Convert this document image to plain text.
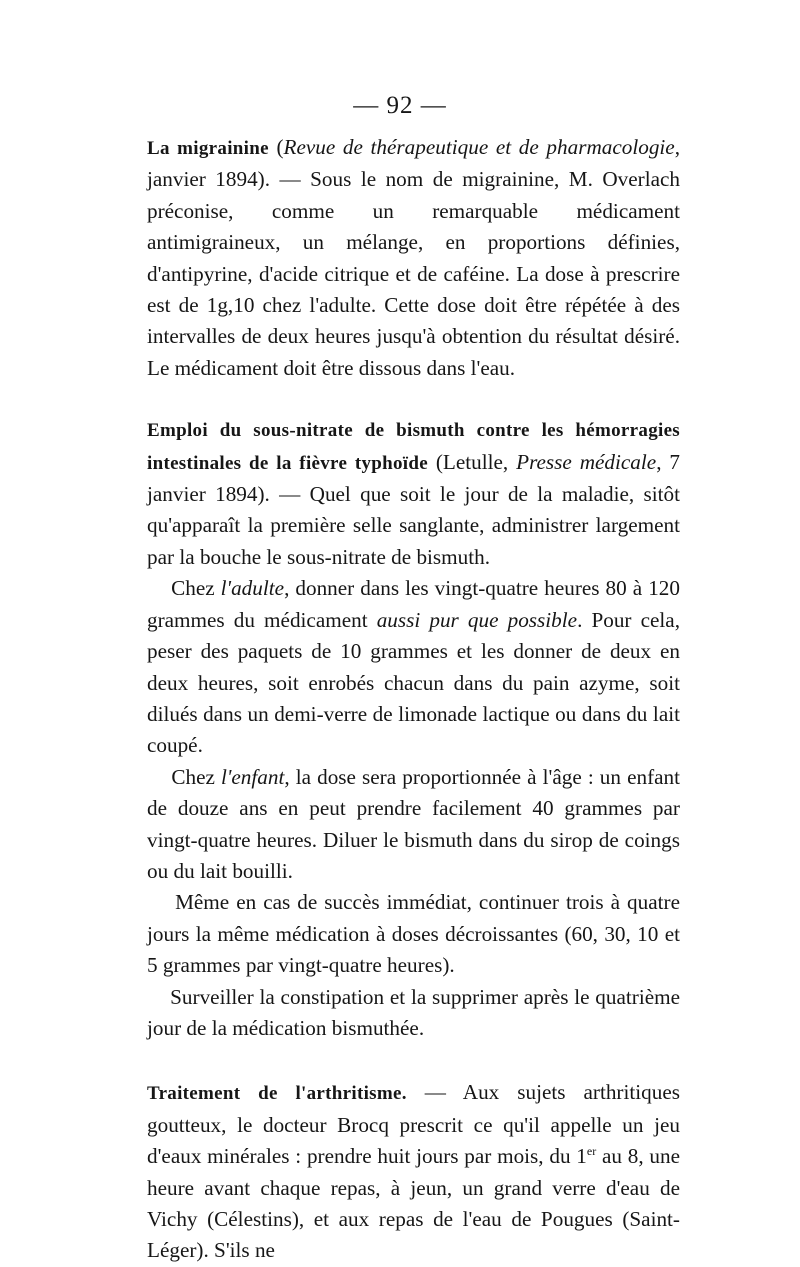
— 92 —

La migrainine (Revue de thérapeutique et de pharmacologie, janvier 1894). — Sous le nom de migrainine, M. Overlach préconise, comme un remarquable médicament antimigraineux, un mélange, en proportions définies, d'antipyrine, d'acide citrique et de caféine. La dose à prescrire est de 1g,10 chez l'adulte. Cette dose doit être répétée à des intervalles de deux heures jusqu'à obtention du résultat désiré. Le médicament doit être dissous dans l'eau.

Emploi du sous-nitrate de bismuth contre les hémorragies intestinales de la fièvre typhoïde (Letulle, Presse médicale, 7 janvier 1894). — Quel que soit le jour de la maladie, sitôt qu'apparaît la première selle sanglante, administrer largement par la bouche le sous-nitrate de bismuth.

Chez l'adulte, donner dans les vingt-quatre heures 80 à 120 grammes du médicament aussi pur que possible. Pour cela, peser des paquets de 10 grammes et les donner de deux en deux heures, soit enrobés chacun dans du pain azyme, soit dilués dans un demi-verre de limonade lactique ou dans du lait coupé.

Chez l'enfant, la dose sera proportionnée à l'âge : un enfant de douze ans en peut prendre facilement 40 grammes par vingt-quatre heures. Diluer le bismuth dans du sirop de coings ou du lait bouilli.

Même en cas de succès immédiat, continuer trois à quatre jours la même médication à doses décroissantes (60, 30, 10 et 5 grammes par vingt-quatre heures).

Surveiller la constipation et la supprimer après le quatrième jour de la médication bismuthée.

Traitement de l'arthritisme. — Aux sujets arthritiques goutteux, le docteur Brocq prescrit ce qu'il appelle un jeu d'eaux minérales : prendre huit jours par mois, du 1er au 8, une heure avant chaque repas, à jeun, un grand verre d'eau de Vichy (Célestins), et aux repas de l'eau de Pougues (Saint-Léger). S'ils ne
